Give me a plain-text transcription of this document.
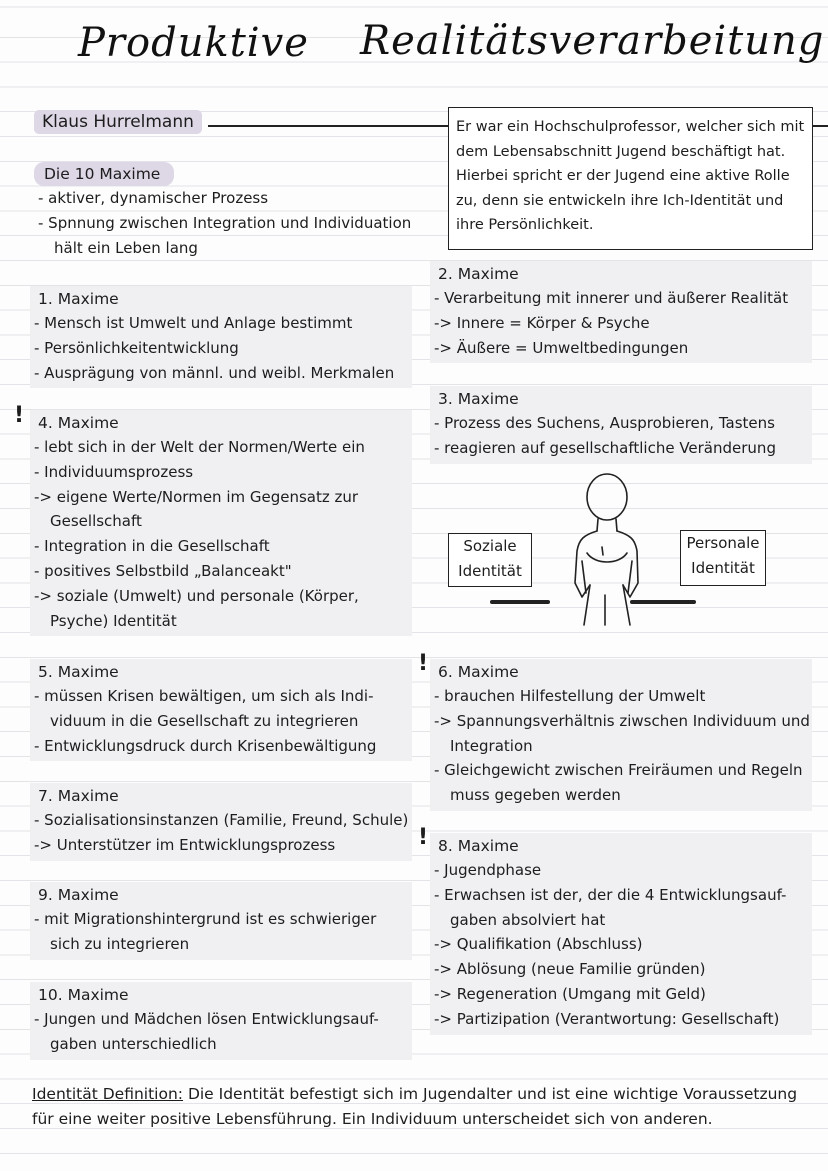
Produktive Realitätsverarbeitung
Klaus Hurrelmann	Er war ein Hochschulprofessor, welcher sich mit dem Lebensabschnitt Jugend beschäftigt hat. Hierbei spricht er der Jugend eine aktive Rolle zu, denn sie entwickeln ihre Ich-Identität und ihre Persönlichkeit.
Die 10 Maxime
- aktiver, dynamischer Prozess
- Spnnung zwischen Integration und Individuation
hält ein Leben lang
1. Maxime
- Mensch ist Umwelt und Anlage bestimmt
- Persönlichkeitentwicklung
- Ausprägung von männl. und weibl. Merkmalen
2. Maxime
- Verarbeitung mit innerer und äußerer Realität
-> Innere = Körper & Psyche
-> Äußere = Umweltbedingungen
3. Maxime
- Prozess des Suchens, Ausprobieren, Tastens
- reagieren auf gesellschaftliche Veränderung
! 4. Maxime
- lebt sich in der Welt der Normen/Werte ein
- Individuumsprozess
-> eigene Werte/Normen im Gegensatz zur
Gesellschaft
- Integration in die Gesellschaft
- positives Selbstbild „Balanceakt"
-> soziale (Umwelt) und personale (Körper,
Psyche) Identität
Soziale
Identität
Personale
Identität
5. Maxime
- müssen Krisen bewältigen, um sich als Indi-
viduum in die Gesellschaft zu integrieren
- Entwicklungsdruck durch Krisenbewältigung
! 6. Maxime
- brauchen Hilfestellung der Umwelt
-> Spannungsverhältnis ziwschen Individuum und
Integration
- Gleichgewicht zwischen Freiräumen und Regeln
muss gegeben werden
7. Maxime
- Sozialisationsinstanzen (Familie, Freund, Schule)
-> Unterstützer im Entwicklungsprozess	! 8. Maxime
- Jugendphase
- Erwachsen ist der, der die 4 Entwicklungsauf-
gaben absolviert hat
-> Qualifikation (Abschluss)
-> Ablösung (neue Familie gründen)
-> Regeneration (Umgang mit Geld)
-> Partizipation (Verantwortung: Gesellschaft)
9. Maxime
- mit Migrationshintergrund ist es schwieriger
sich zu integrieren
10. Maxime
- Jungen und Mädchen lösen Entwicklungsauf-
gaben unterschiedlich
Identität Definition: Die Identität befestigt sich im Jugendalter und ist eine wichtige Voraussetzung für eine weiter positive Lebensführung. Ein Individuum unterscheidet sich von anderen.
